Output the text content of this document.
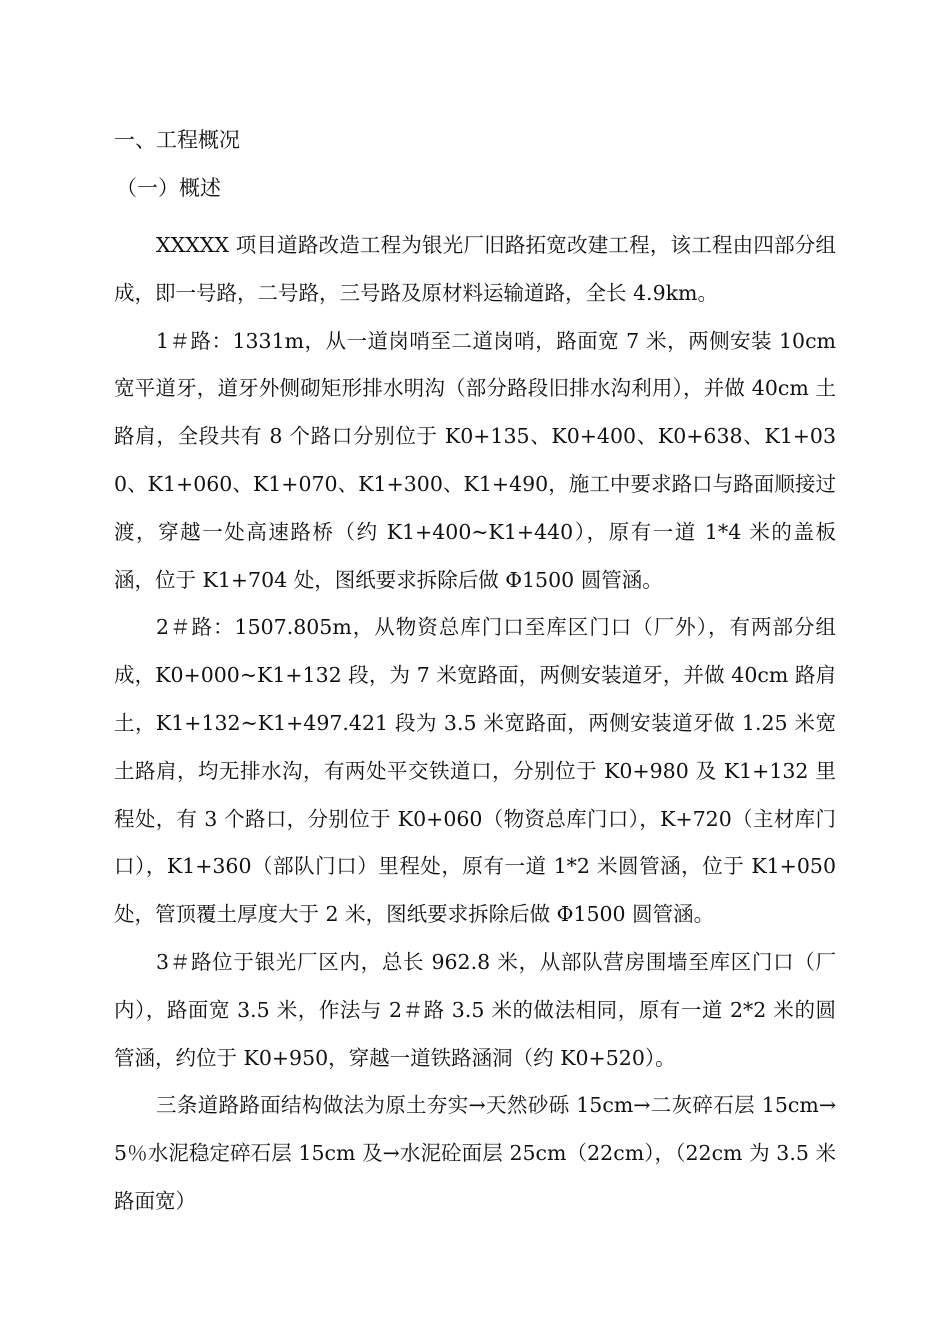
一、工程概况
（一）概述

XXXXX 项目道路改造工程为银光厂旧路拓宽改建工程，该工程由四部分组成，即一号路，二号路，三号路及原材料运输道路，全长 4.9km。

1＃路：1331m，从一道岗哨至二道岗哨，路面宽 7 米，两侧安装 10cm 宽平道牙，道牙外侧砌矩形排水明沟（部分路段旧排水沟利用），并做 40cm 土路肩，全段共有 8 个路口分别位于 K0+135、K0+400、K0+638、K1+030、K1+060、K1+070、K1+300、K1+490，施工中要求路口与路面顺接过渡，穿越一处高速路桥（约 K1+400~K1+440），原有一道 1*4 米的盖板涵，位于 K1+704 处，图纸要求拆除后做 Φ1500 圆管涵。

2＃路：1507.805m，从物资总库门口至库区门口（厂外），有两部分组成，K0+000~K1+132 段，为 7 米宽路面，两侧安装道牙，并做 40cm 路肩土，K1+132~K1+497.421 段为 3.5 米宽路面，两侧安装道牙做 1.25 米宽土路肩，均无排水沟，有两处平交铁道口，分别位于 K0+980 及 K1+132 里程处，有 3 个路口，分别位于 K0+060（物资总库门口），K+720（主材库门口），K1+360（部队门口）里程处，原有一道 1*2 米圆管涵，位于 K1+050 处，管顶覆土厚度大于 2 米，图纸要求拆除后做 Φ1500 圆管涵。

3＃路位于银光厂区内，总长 962.8 米，从部队营房围墙至库区门口（厂内），路面宽 3.5 米，作法与 2＃路 3.5 米的做法相同，原有一道 2*2 米的圆管涵，约位于 K0+950，穿越一道铁路涵洞（约 K0+520）。

三条道路路面结构做法为原土夯实→天然砂砾 15cm→二灰碎石层 15cm→5％水泥稳定碎石层 15cm 及→水泥砼面层 25cm（22cm），（22cm 为 3.5 米路面宽）
